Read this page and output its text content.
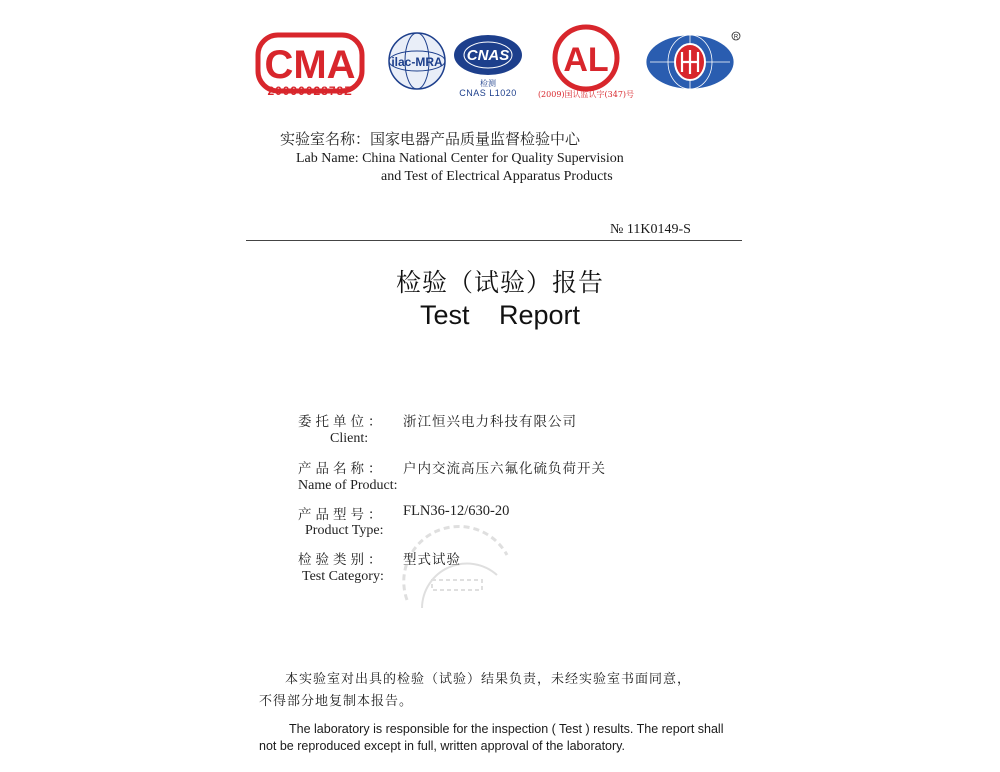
CMA
2009002878Z
ilac-MRA CNAS
检测
CNAS L1020
AL
(2009)国认监认字(347)号
R
实验室名称：国家电器产品质量监督检验中心
Lab Name: China National Center for Quality Supervision
and Test of Electrical Apparatus Products
№ 11K0149-S
检验（试验）报告
Test Report
委托单位： 浙江恒兴电力科技有限公司
Client:
产品名称： 户内交流高压六氟化硫负荷开关
Name of Product:
产品型号： FLN36-12/630-20
Product Type:
检验类别： 型式试验
Test Category:
本实验室对出具的检验（试验）结果负责，未经实验室书面同意，
不得部分地复制本报告。
The laboratory is responsible for the inspection ( Test ) results. The report shall
not be reproduced except in full, written approval of the laboratory.
